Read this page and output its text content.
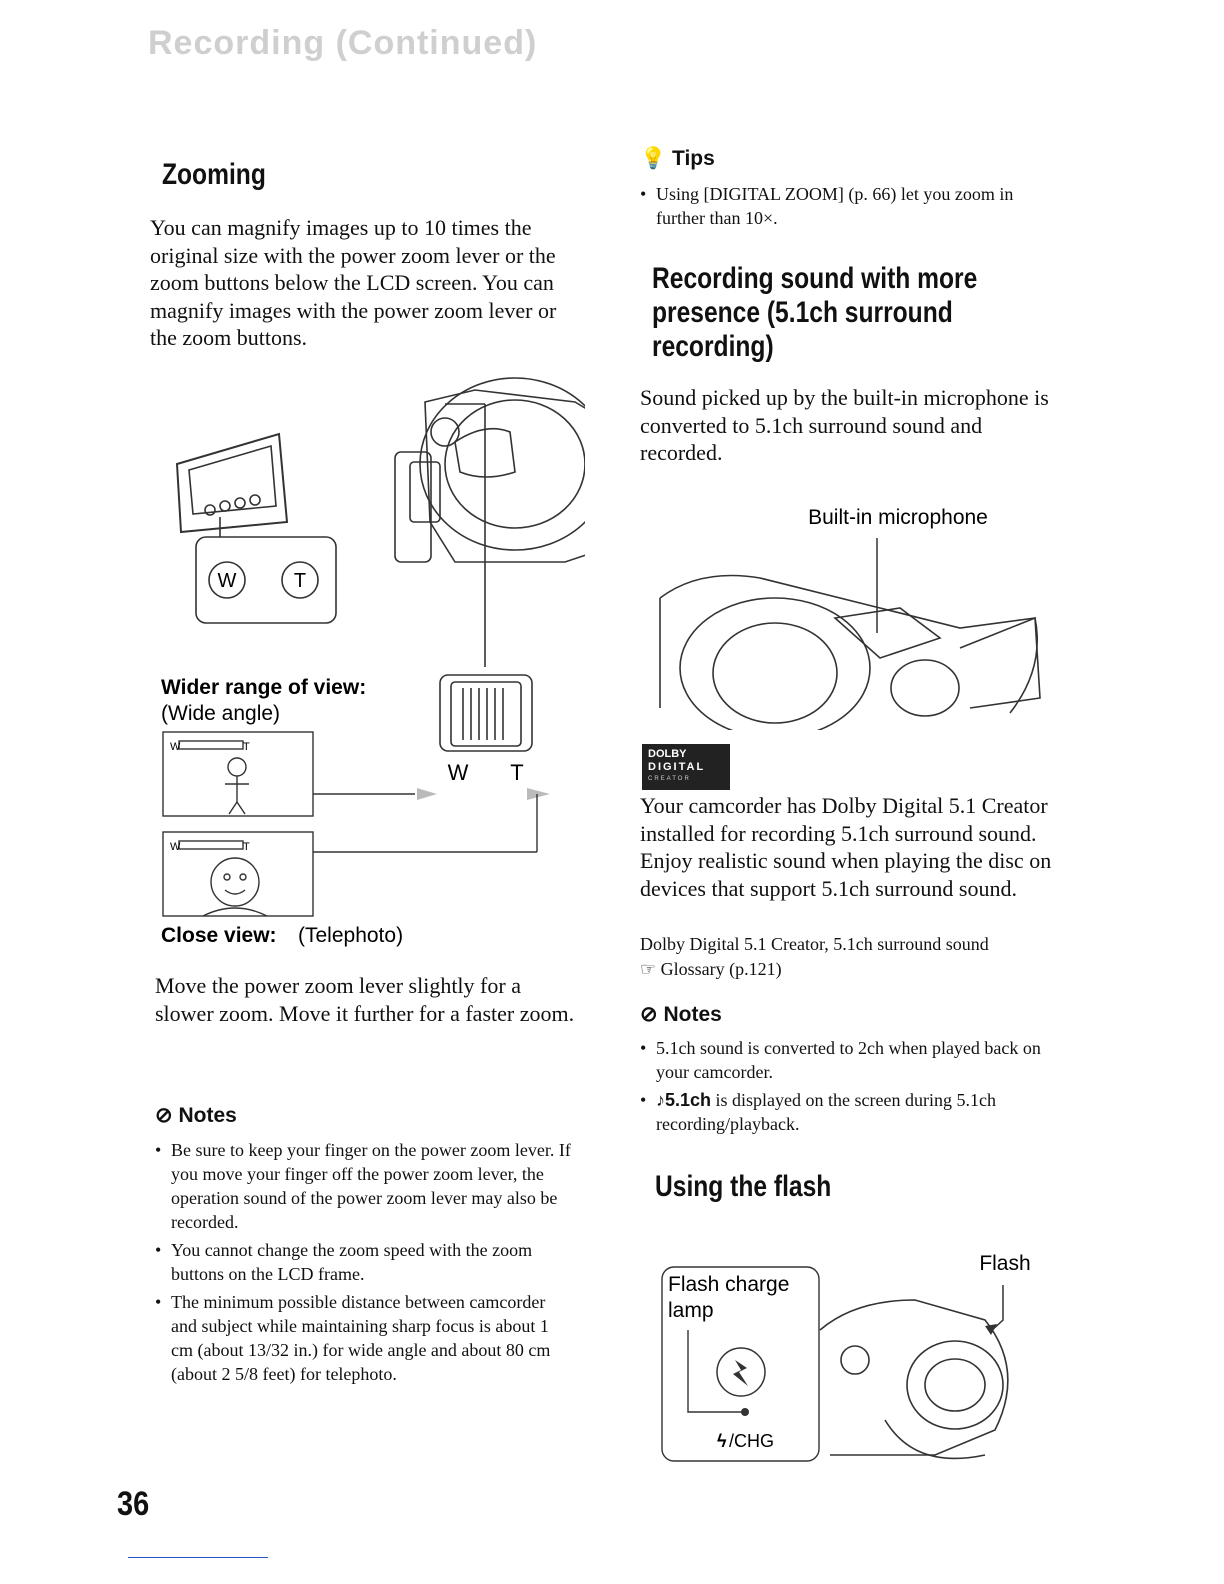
Recording (Continued)
Zooming
You can magnify images up to 10 times the original size with the power zoom lever or the zoom buttons below the LCD screen. You can magnify images with the power zoom lever or the zoom buttons.
W	T
Wider range of view:
(Wide angle)
W T
W	T
W	T
Close view: (Telephoto)
Move the power zoom lever slightly for a slower zoom. Move it further for a faster zoom.
⊘ Notes
• Be sure to keep your finger on the power zoom lever. If you move your finger off the power zoom lever, the operation sound of the power zoom lever may also be recorded.
• You cannot change the zoom speed with the zoom buttons on the LCD frame.
• The minimum possible distance between camcorder and subject while maintaining sharp focus is about 1 cm (about 13/32 in.) for wide angle and about 80 cm (about 2 5/8 feet) for telephoto.
💡 Tips
• Using [DIGITAL ZOOM] (p. 66) let you zoom in further than 10×.
Recording sound with more
presence (5.1ch surround
recording)
Sound picked up by the built-in microphone is converted to 5.1ch surround sound and recorded.
Built-in microphone
DOLBY
DIGITAL
CREATOR
Your camcorder has Dolby Digital 5.1 Creator installed for recording 5.1ch surround sound. Enjoy realistic sound when playing the disc on devices that support 5.1ch surround sound.
Dolby Digital 5.1 Creator, 5.1ch surround sound
☞ Glossary (p.121)
⊘ Notes
• 5.1ch sound is converted to 2ch when played back on your camcorder.
• ♪5.1ch is displayed on the screen during 5.1ch recording/playback.
Using the flash
Flash
Flash charge
lamp
ϟ /CHG
36
